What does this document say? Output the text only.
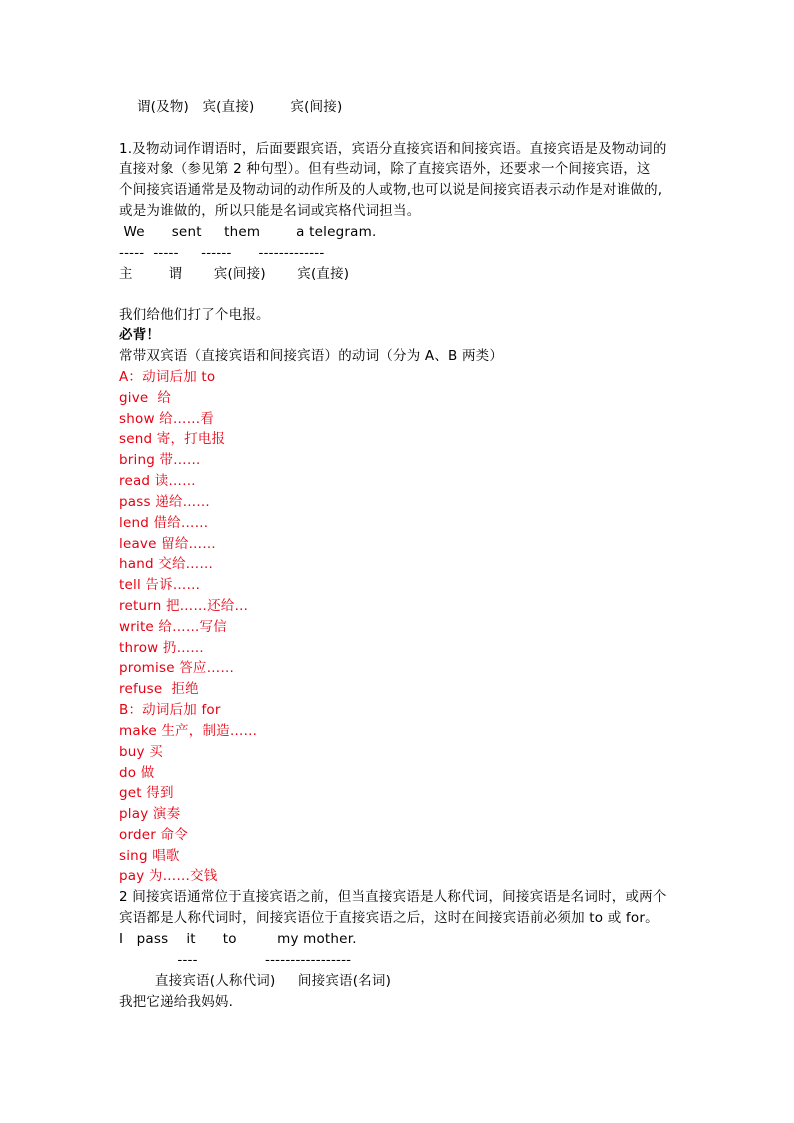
谓(及物)   宾(直接)        宾(间接)
1.及物动词作谓语时，后面要跟宾语，宾语分直接宾语和间接宾语。直接宾语是及物动词的
直接对象（参见第 2 种句型）。但有些动词，除了直接宾语外，还要求一个间接宾语，这
个间接宾语通常是及物动词的动作所及的人或物,也可以说是间接宾语表示动作是对谁做的,
或是为谁做的，所以只能是名词或宾格代词担当。
We      sent     them        a telegram.
-----  -----     ------      -------------
主        谓       宾(间接)       宾(直接)
我们给他们打了个电报。
必背！
常带双宾语（直接宾语和间接宾语）的动词（分为 A、B 两类）
A：动词后加 to
give  给
show 给……看
send 寄，打电报
bring 带……
read 读……
pass 递给……
lend 借给……
leave 留给……
hand 交给……
tell 告诉……
return 把……还给…
write 给……写信
throw 扔……
promise 答应……
refuse  拒绝
B：动词后加 for
make 生产，制造……
buy 买
do 做
get 得到
play 演奏
order 命令
sing 唱歌
pay 为……交钱
2 间接宾语通常位于直接宾语之前，但当直接宾语是人称代词，间接宾语是名词时，或两个
宾语都是人称代词时，间接宾语位于直接宾语之后，这时在间接宾语前必须加 to 或 for。
I   pass    it      to         my mother.
----               -----------------
直接宾语(人称代词)     间接宾语(名词)
我把它递给我妈妈.
